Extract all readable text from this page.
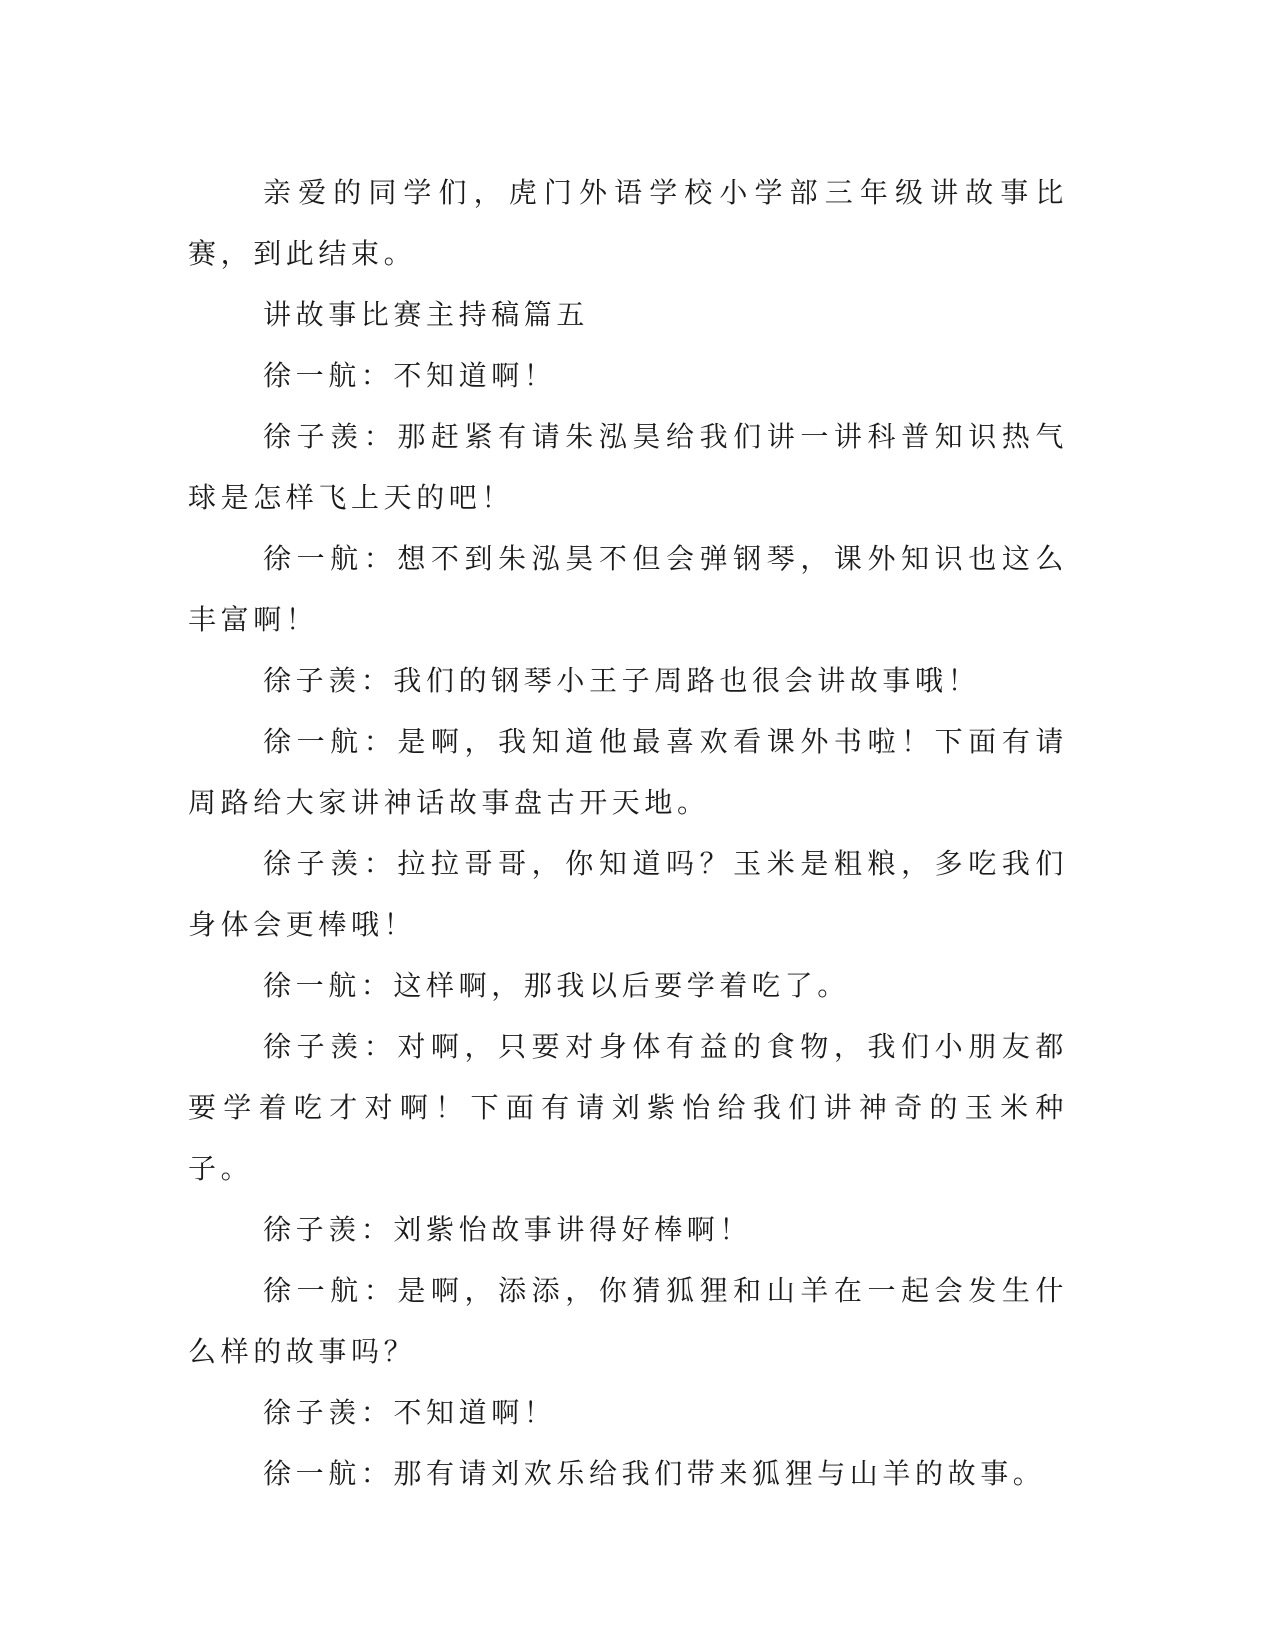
亲爱的同学们，虎门外语学校小学部三年级讲故事比赛，到此结束。

讲故事比赛主持稿篇五

徐一航：不知道啊！

徐子羡：那赶紧有请朱泓昊给我们讲一讲科普知识热气球是怎样飞上天的吧！

徐一航：想不到朱泓昊不但会弹钢琴，课外知识也这么丰富啊！

徐子羡：我们的钢琴小王子周路也很会讲故事哦！

徐一航：是啊，我知道他最喜欢看课外书啦！下面有请周路给大家讲神话故事盘古开天地。

徐子羡：拉拉哥哥，你知道吗？玉米是粗粮，多吃我们身体会更棒哦！

徐一航：这样啊，那我以后要学着吃了。

徐子羡：对啊，只要对身体有益的食物，我们小朋友都要学着吃才对啊！下面有请刘紫怡给我们讲神奇的玉米种子。

徐子羡：刘紫怡故事讲得好棒啊！

徐一航：是啊，添添，你猜狐狸和山羊在一起会发生什么样的故事吗？

徐子羡：不知道啊！

徐一航：那有请刘欢乐给我们带来狐狸与山羊的故事。
